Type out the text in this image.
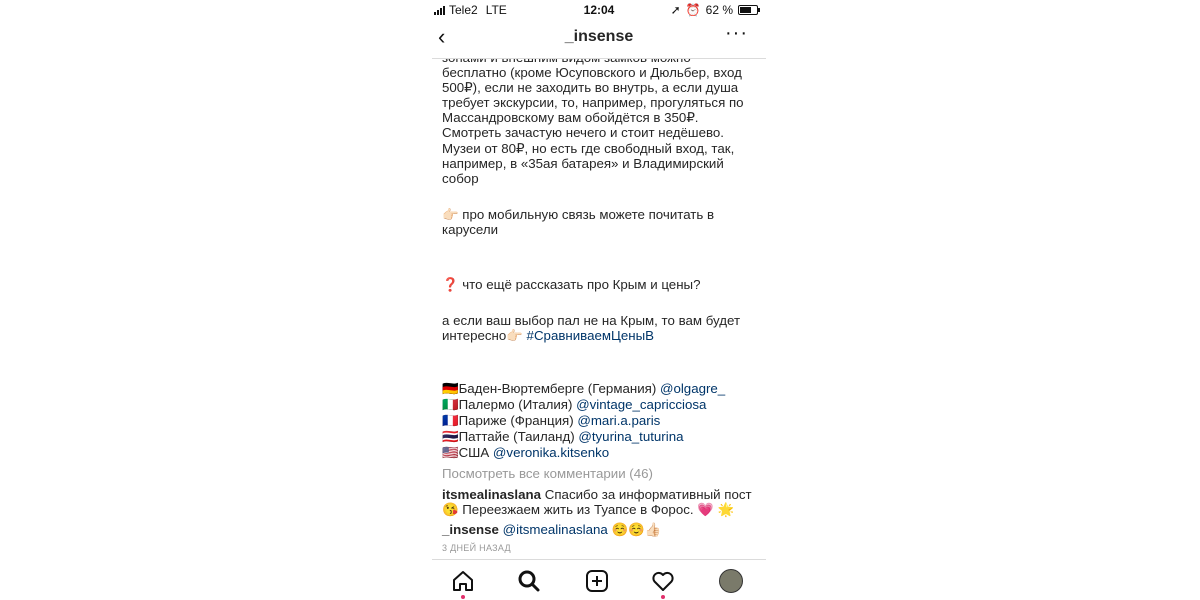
Tele2 LTE	12:04	➚ ⏰ 62 %
‹	_insense	···

бесплатно (кроме Юсуповского и Дюльбер, вход

500₽), если не заходить во внутрь, а если душа

требует экскурсии, то, например, прогуляться по

Массандровскому вам обойдётся в 350₽.

Смотреть зачастую нечего и стоит недёшево.

Музеи от 80₽, но есть где свободный вход, так,

например, в «35ая батарея» и Владимирский

собор

👉🏻 про мобильную связь можете почитать в

карусели

❓ что ещё рассказать про Крым и цены?

а если ваш выбор пал не на Крым, то вам будет

интересно👉🏻 #СравниваемЦеныВ

🇩🇪Баден-Вюртемберге (Германия) @olgagre_

🇮🇹Палермо (Италия) @vintage_capricciosa

🇫🇷Париже (Франция) @mari.a.paris

🇹🇭Паттайе (Таиланд) @tyurina_tuturina

🇺🇸США @veronika.kitsenko

Посмотреть все комментарии (46)

itsmealinaslana Спасибо за информативный пост

😘 Переезжаем жить из Туапсе в Форос. 💗 🌟

_insense @itsmealinaslana ☺️☺️👍🏻

3 ДНЕЙ НАЗАД
